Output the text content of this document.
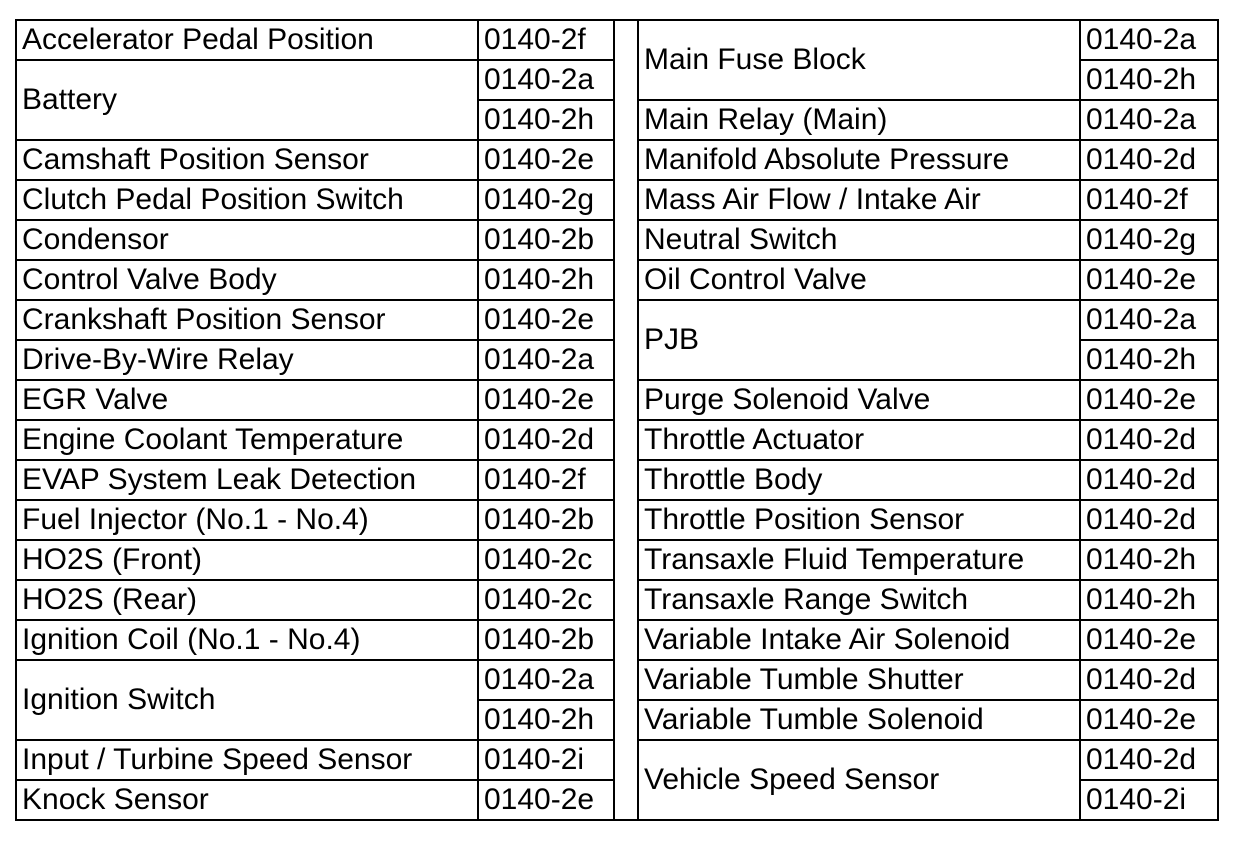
Accelerator Pedal Position	0140-2f		Main Fuse Block	0140-2a
Battery	0140-2a			0140-2h
	0140-2h		Main Relay (Main)	0140-2a
Camshaft Position Sensor	0140-2e		Manifold Absolute Pressure	0140-2d
Clutch Pedal Position Switch	0140-2g		Mass Air Flow / Intake Air	0140-2f
Condensor	0140-2b		Neutral Switch	0140-2g
Control Valve Body	0140-2h		Oil Control Valve	0140-2e
Crankshaft Position Sensor	0140-2e		PJB	0140-2a
Drive-By-Wire Relay	0140-2a			0140-2h
EGR Valve	0140-2e		Purge Solenoid Valve	0140-2e
Engine Coolant Temperature	0140-2d		Throttle Actuator	0140-2d
EVAP System Leak Detection	0140-2f		Throttle Body	0140-2d
Fuel Injector (No.1 - No.4)	0140-2b		Throttle Position Sensor	0140-2d
HO2S (Front)	0140-2c		Transaxle Fluid Temperature	0140-2h
HO2S (Rear)	0140-2c		Transaxle Range Switch	0140-2h
Ignition Coil (No.1 - No.4)	0140-2b		Variable Intake Air Solenoid	0140-2e
Ignition Switch	0140-2a		Variable Tumble Shutter	0140-2d
	0140-2h		Variable Tumble Solenoid	0140-2e
Input / Turbine Speed Sensor	0140-2i		Vehicle Speed Sensor	0140-2d
Knock Sensor	0140-2e			0140-2i
